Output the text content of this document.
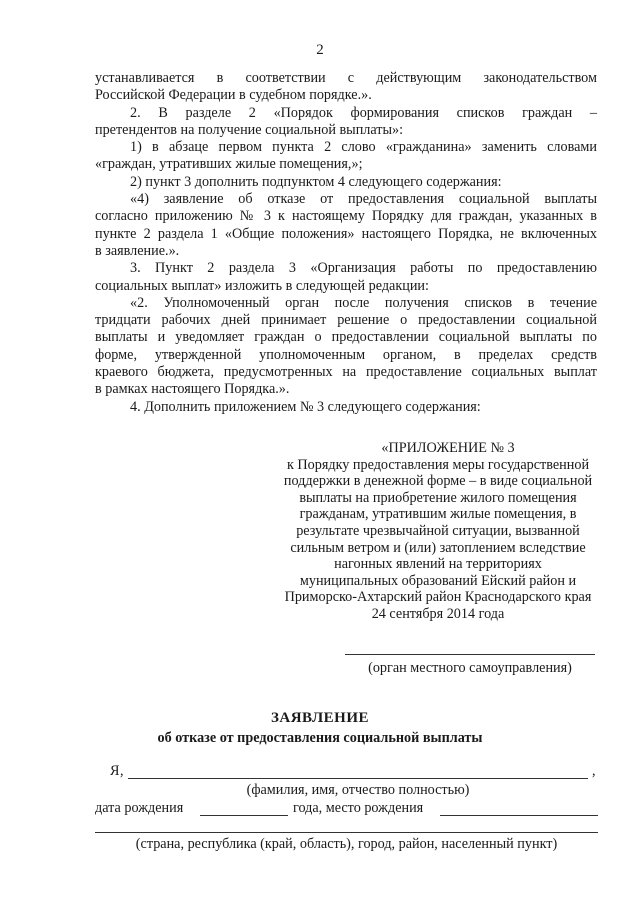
2
устанавливается в соответствии с действующим законодательством
Российской Федерации в судебном порядке.».
2. В разделе 2 «Порядок формирования списков граждан –
претендентов на получение социальной выплаты»:
1) в абзаце первом пункта 2 слово «гражданина» заменить словами
«граждан, утративших жилые помещения,»;
2) пункт 3 дополнить подпунктом 4 следующего содержания:
«4) заявление об отказе от предоставления социальной выплаты
согласно приложению № 3 к настоящему Порядку для граждан, указанных в
пункте 2 раздела 1 «Общие положения» настоящего Порядка, не включенных
в заявление.».
3. Пункт 2 раздела 3 «Организация работы по предоставлению
социальных выплат» изложить в следующей редакции:
«2. Уполномоченный орган после получения списков в течение
тридцати рабочих дней принимает решение о предоставлении социальной
выплаты и уведомляет граждан о предоставлении социальной выплаты по
форме, утвержденной уполномоченным органом, в пределах средств
краевого бюджета, предусмотренных на предоставление социальных выплат
в рамках настоящего Порядка.».
4. Дополнить приложением № 3 следующего содержания:
«ПРИЛОЖЕНИЕ № 3
к Порядку предоставления меры государственной
поддержки в денежной форме – в виде социальной
выплаты на приобретение жилого помещения
гражданам, утратившим жилые помещения, в
результате чрезвычайной ситуации, вызванной
сильным ветром и (или) затоплением вследствие
нагонных явлений на территориях
муниципальных образований Ейский район и
Приморско-Ахтарский район Краснодарского края
24 сентября 2014 года
(орган местного самоуправления)
ЗАЯВЛЕНИЕ
об отказе от предоставления социальной выплаты
Я ,	,
(фамилия, имя, отчество полностью)
дата рождения	года, место рождения
(страна, республика (край, область), город, район, населенный пункт)
